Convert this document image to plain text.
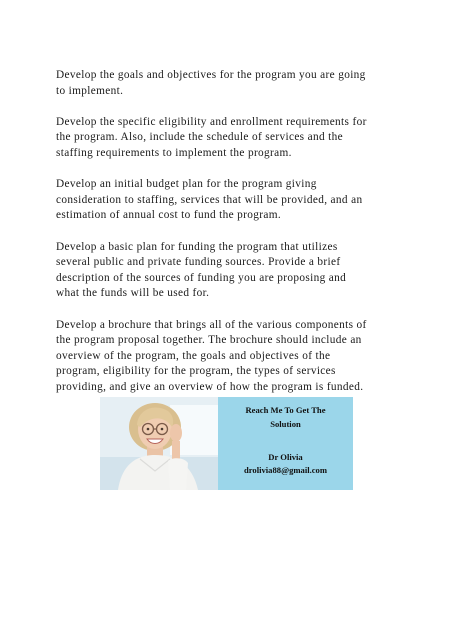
Develop the goals and objectives for the program you are going
to implement.

Develop the specific eligibility and enrollment requirements for
the program. Also, include the schedule of services and the
staffing requirements to implement the program.

Develop an initial budget plan for the program giving
consideration to staffing, services that will be provided, and an
estimation of annual cost to fund the program.

Develop a basic plan for funding the program that utilizes
several public and private funding sources. Provide a brief
description of the sources of funding you are proposing and
what the funds will be used for.

Develop a brochure that brings all of the various components of
the program proposal together. The brochure should include an
overview of the program, the goals and objectives of the
program, eligibility for the program, the types of services
providing, and give an overview of how the program is funded.

Reach Me To Get The
Solution
Dr Olivia
drolivia88@gmail.com
